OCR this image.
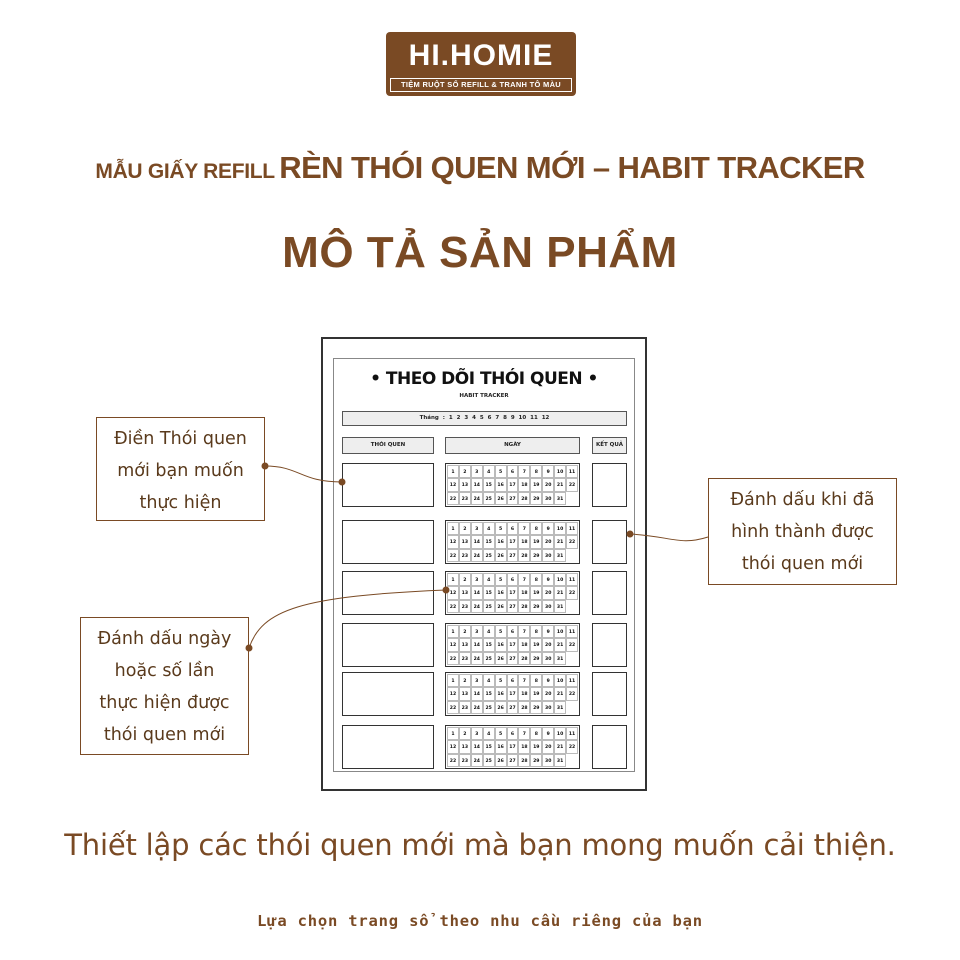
HI.HOMIE
TIỆM RUỘT SỔ REFILL & TRANH TÔ MÀU
MẪU GIẤY REFILL RÈN THÓI QUEN MỚI – HABIT TRACKER
MÔ TẢ SẢN PHẨM
• THEO DÕI THÓI QUEN •
HABIT TRACKER
Tháng : 1 2 3 4 5 6 7 8 9 10 11 12
THÓI QUEN	NGÀY	KẾT QUẢ
1	2	3	4	5	6	7	8	9	10	11
12	13	14	15	16	17	18	19	20	21	22
22	23	24	25	26	27	28	29	30	31
1	2	3	4	5	6	7	8	9	10	11
12	13	14	15	16	17	18	19	20	21	22
22	23	24	25	26	27	28	29	30	31
1	2	3	4	5	6	7	8	9	10	11
12	13	14	15	16	17	18	19	20	21	22
22	23	24	25	26	27	28	29	30	31
1	2	3	4	5	6	7	8	9	10	11
12	13	14	15	16	17	18	19	20	21	22
22	23	24	25	26	27	28	29	30	31
1	2	3	4	5	6	7	8	9	10	11
12	13	14	15	16	17	18	19	20	21	22
22	23	24	25	26	27	28	29	30	31
1	2	3	4	5	6	7	8	9	10	11
12	13	14	15	16	17	18	19	20	21	22
22	23	24	25	26	27	28	29	30	31
Điền Thói quen
mới bạn muốn
thực hiện	Đánh dấu khi đã
hình thành được
thói quen mới
Đánh dấu ngày
hoặc số lần
thực hiện được
thói quen mới
Thiết lập các thói quen mới mà bạn mong muốn cải thiện.
Lựa chọn trang sổ theo nhu cầu riêng của bạn
